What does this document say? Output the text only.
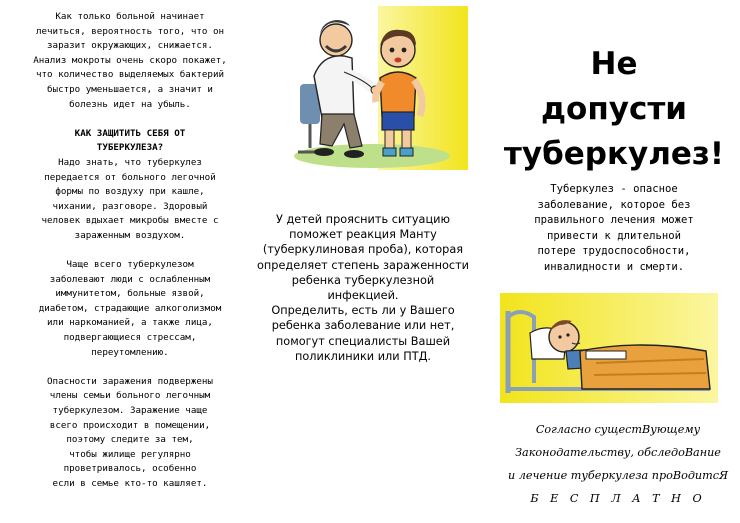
Как только больной начинает

лечиться, вероятность того, что он

заразит окружающих, снижается.

Анализ мокроты очень скоро покажет,

что количество выделяемых бактерий

быстро уменьшается, а значит и

болезнь идет на убыль.

КАК ЗАЩИТИТЬ СЕБЯ ОТ

ТУБЕРКУЛЕЗА?

Надо знать, что туберкулез

передается от больного легочной

формы по воздуху при кашле,

чихании, разговоре. Здоровый

человек вдыхает микробы вместе с

зараженным воздухом.

Чаще всего туберкулезом

заболевают люди с ослабленным

иммунитетом, больные язвой,

диабетом, страдающие алкоголизмом

или наркоманией, а также лица,

подвергающиеся стрессам,

переутомлению.

Опасности заражения подвержены

члены семьи больного легочным

туберкулезом. Заражение чаще

всего происходит в помещении,

поэтому следите за тем,

чтобы жилище регулярно

проветривалось, особенно

если в семье кто-то кашляет.

У детей прояснить ситуацию

поможет реакция Манту

(туберкулиновая проба), которая

определяет степень зараженности

ребенка туберкулезной инфекцией.

Определить, есть ли у Вашего

ребенка заболевание или нет,

помогут специалисты Вашей

поликлиники или ПТД.

Не
допусти
туберкулез!

Туберкулез - опасное

заболевание, которое без

правильного лечения может

привести к длительной

потере трудоспособности,

инвалидности и смерти.

Согласно сущестВующему

Законодательству, обследоВание

и лечение туберкулеза проВодитсЯ

Б Е С П Л А Т Н О
